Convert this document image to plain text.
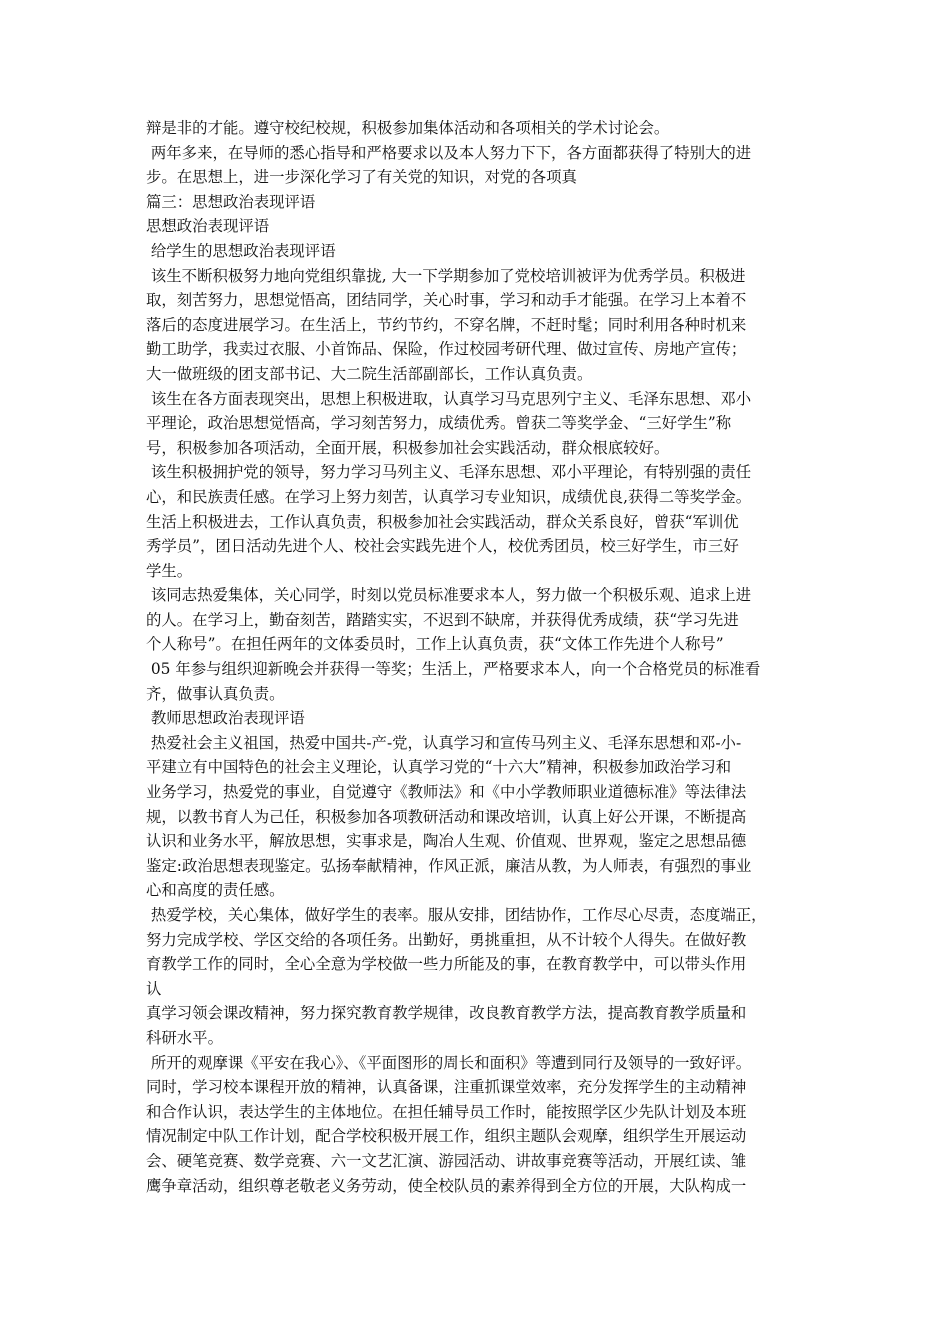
辩是非的才能。遵守校纪校规，积极参加集体活动和各项相关的学术讨论会。
两年多来，在导师的悉心指导和严格要求以及本人努力下下，各方面都获得了特别大的进
步。在思想上，进一步深化学习了有关党的知识，对党的各项真
篇三：思想政治表现评语
思想政治表现评语
给学生的思想政治表现评语
该生不断积极努力地向党组织靠拢, 大一下学期参加了党校培训被评为优秀学员。积极进
取，刻苦努力，思想觉悟高，团结同学，关心时事，学习和动手才能强。在学习上本着不
落后的态度进展学习。在生活上，节约节约，不穿名牌，不赶时髦；同时利用各种时机来
勤工助学，我卖过衣服、小首饰品、保险，作过校园考研代理、做过宣传、房地产宣传；
大一做班级的团支部书记、大二院生活部副部长，工作认真负责。
该生在各方面表现突出，思想上积极进取，认真学习马克思列宁主义、毛泽东思想、邓小
平理论，政治思想觉悟高，学习刻苦努力，成绩优秀。曾获二等奖学金、“三好学生”称
号，积极参加各项活动，全面开展，积极参加社会实践活动，群众根底较好。
该生积极拥护党的领导，努力学习马列主义、毛泽东思想、邓小平理论，有特别强的责任
心，和民族责任感。在学习上努力刻苦，认真学习专业知识，成绩优良,获得二等奖学金。
生活上积极进去，工作认真负责，积极参加社会实践活动，群众关系良好，曾获“军训优
秀学员”，团日活动先进个人、校社会实践先进个人，校优秀团员，校三好学生，市三好
学生。
该同志热爱集体，关心同学，时刻以党员标准要求本人，努力做一个积极乐观、追求上进
的人。在学习上，勤奋刻苦，踏踏实实，不迟到不缺席，并获得优秀成绩，获“学习先进
个人称号”。在担任两年的文体委员时，工作上认真负责，获“文体工作先进个人称号”
05 年参与组织迎新晚会并获得一等奖；生活上，严格要求本人，向一个合格党员的标准看
齐，做事认真负责。
教师思想政治表现评语
热爱社会主义祖国，热爱中国共-产-党，认真学习和宣传马列主义、毛泽东思想和邓-小-
平建立有中国特色的社会主义理论，认真学习党的“十六大”精神，积极参加政治学习和
业务学习，热爱党的事业，自觉遵守《教师法》和《中小学教师职业道德标准》等法律法
规，以教书育人为己任，积极参加各项教研活动和课改培训，认真上好公开课，不断提高
认识和业务水平，解放思想，实事求是，陶冶人生观、价值观、世界观，鉴定之思想品德
鉴定:政治思想表现鉴定。弘扬奉献精神，作风正派，廉洁从教，为人师表，有强烈的事业
心和高度的责任感。
热爱学校，关心集体，做好学生的表率。服从安排，团结协作，工作尽心尽责，态度端正，
努力完成学校、学区交给的各项任务。出勤好，勇挑重担，从不计较个人得失。在做好教
育教学工作的同时，全心全意为学校做一些力所能及的事，在教育教学中，可以带头作用
认
真学习领会课改精神，努力探究教育教学规律，改良教育教学方法，提高教育教学质量和
科研水平。
所开的观摩课《平安在我心》、《平面图形的周长和面积》等遭到同行及领导的一致好评。
同时，学习校本课程开放的精神，认真备课，注重抓课堂效率，充分发挥学生的主动精神
和合作认识，表达学生的主体地位。在担任辅导员工作时，能按照学区少先队计划及本班
情况制定中队工作计划，配合学校积极开展工作，组织主题队会观摩，组织学生开展运动
会、硬笔竞赛、数学竞赛、六一文艺汇演、游园活动、讲故事竞赛等活动，开展红读、雏
鹰争章活动，组织尊老敬老义务劳动，使全校队员的素养得到全方位的开展，大队构成一
